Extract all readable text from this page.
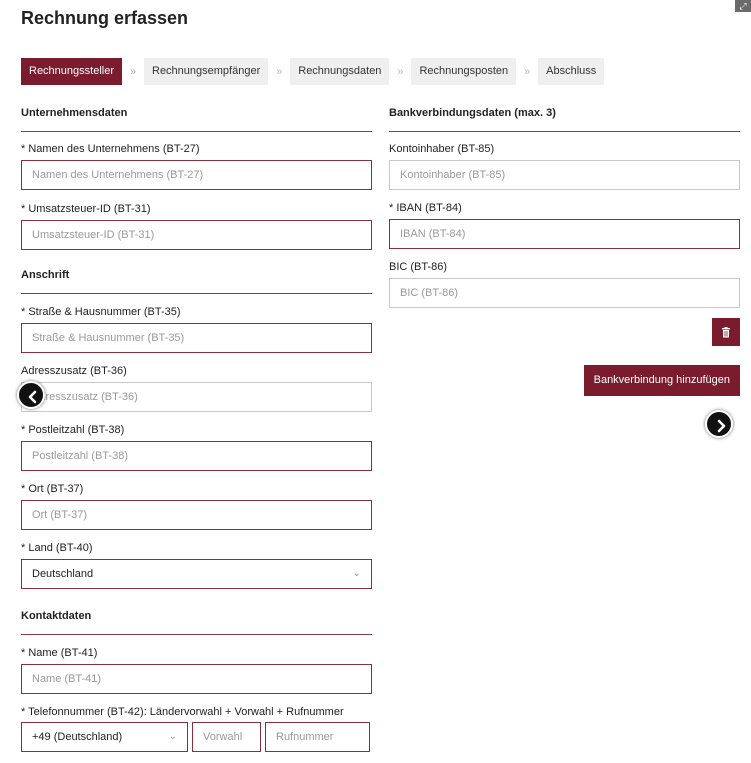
⤢
Rechnung erfassen
Rechnungssteller	»	Rechnungsempfänger	»	Rechnungsdaten	»	Rechnungsposten	»	Abschluss
Unternehmensdaten
* Namen des Unternehmens (BT-27)
Namen des Unternehmens (BT-27)
* Umsatzsteuer-ID (BT-31)
Umsatzsteuer-ID (BT-31)
Anschrift
* Straße & Hausnummer (BT-35)
Straße & Hausnummer (BT-35)
Adresszusatz (BT-36)
Adresszusatz (BT-36)
* Postleitzahl (BT-38)
Postleitzahl (BT-38)
* Ort (BT-37)
Ort (BT-37)
* Land (BT-40)
Deutschland	⌄
Kontaktdaten
* Name (BT-41)
Name (BT-41)
* Telefonnummer (BT-42): Ländervorwahl + Vorwahl + Rufnummer
+49 (Deutschland)	⌄
Vorwahl
Rufnummer
Bankverbindungsdaten (max. 3)
Kontoinhaber (BT-85)
Kontoinhaber (BT-85)
* IBAN (BT-84)
IBAN (BT-84)
BIC (BT-86)
BIC (BT-86)
Bankverbindung hinzufügen
